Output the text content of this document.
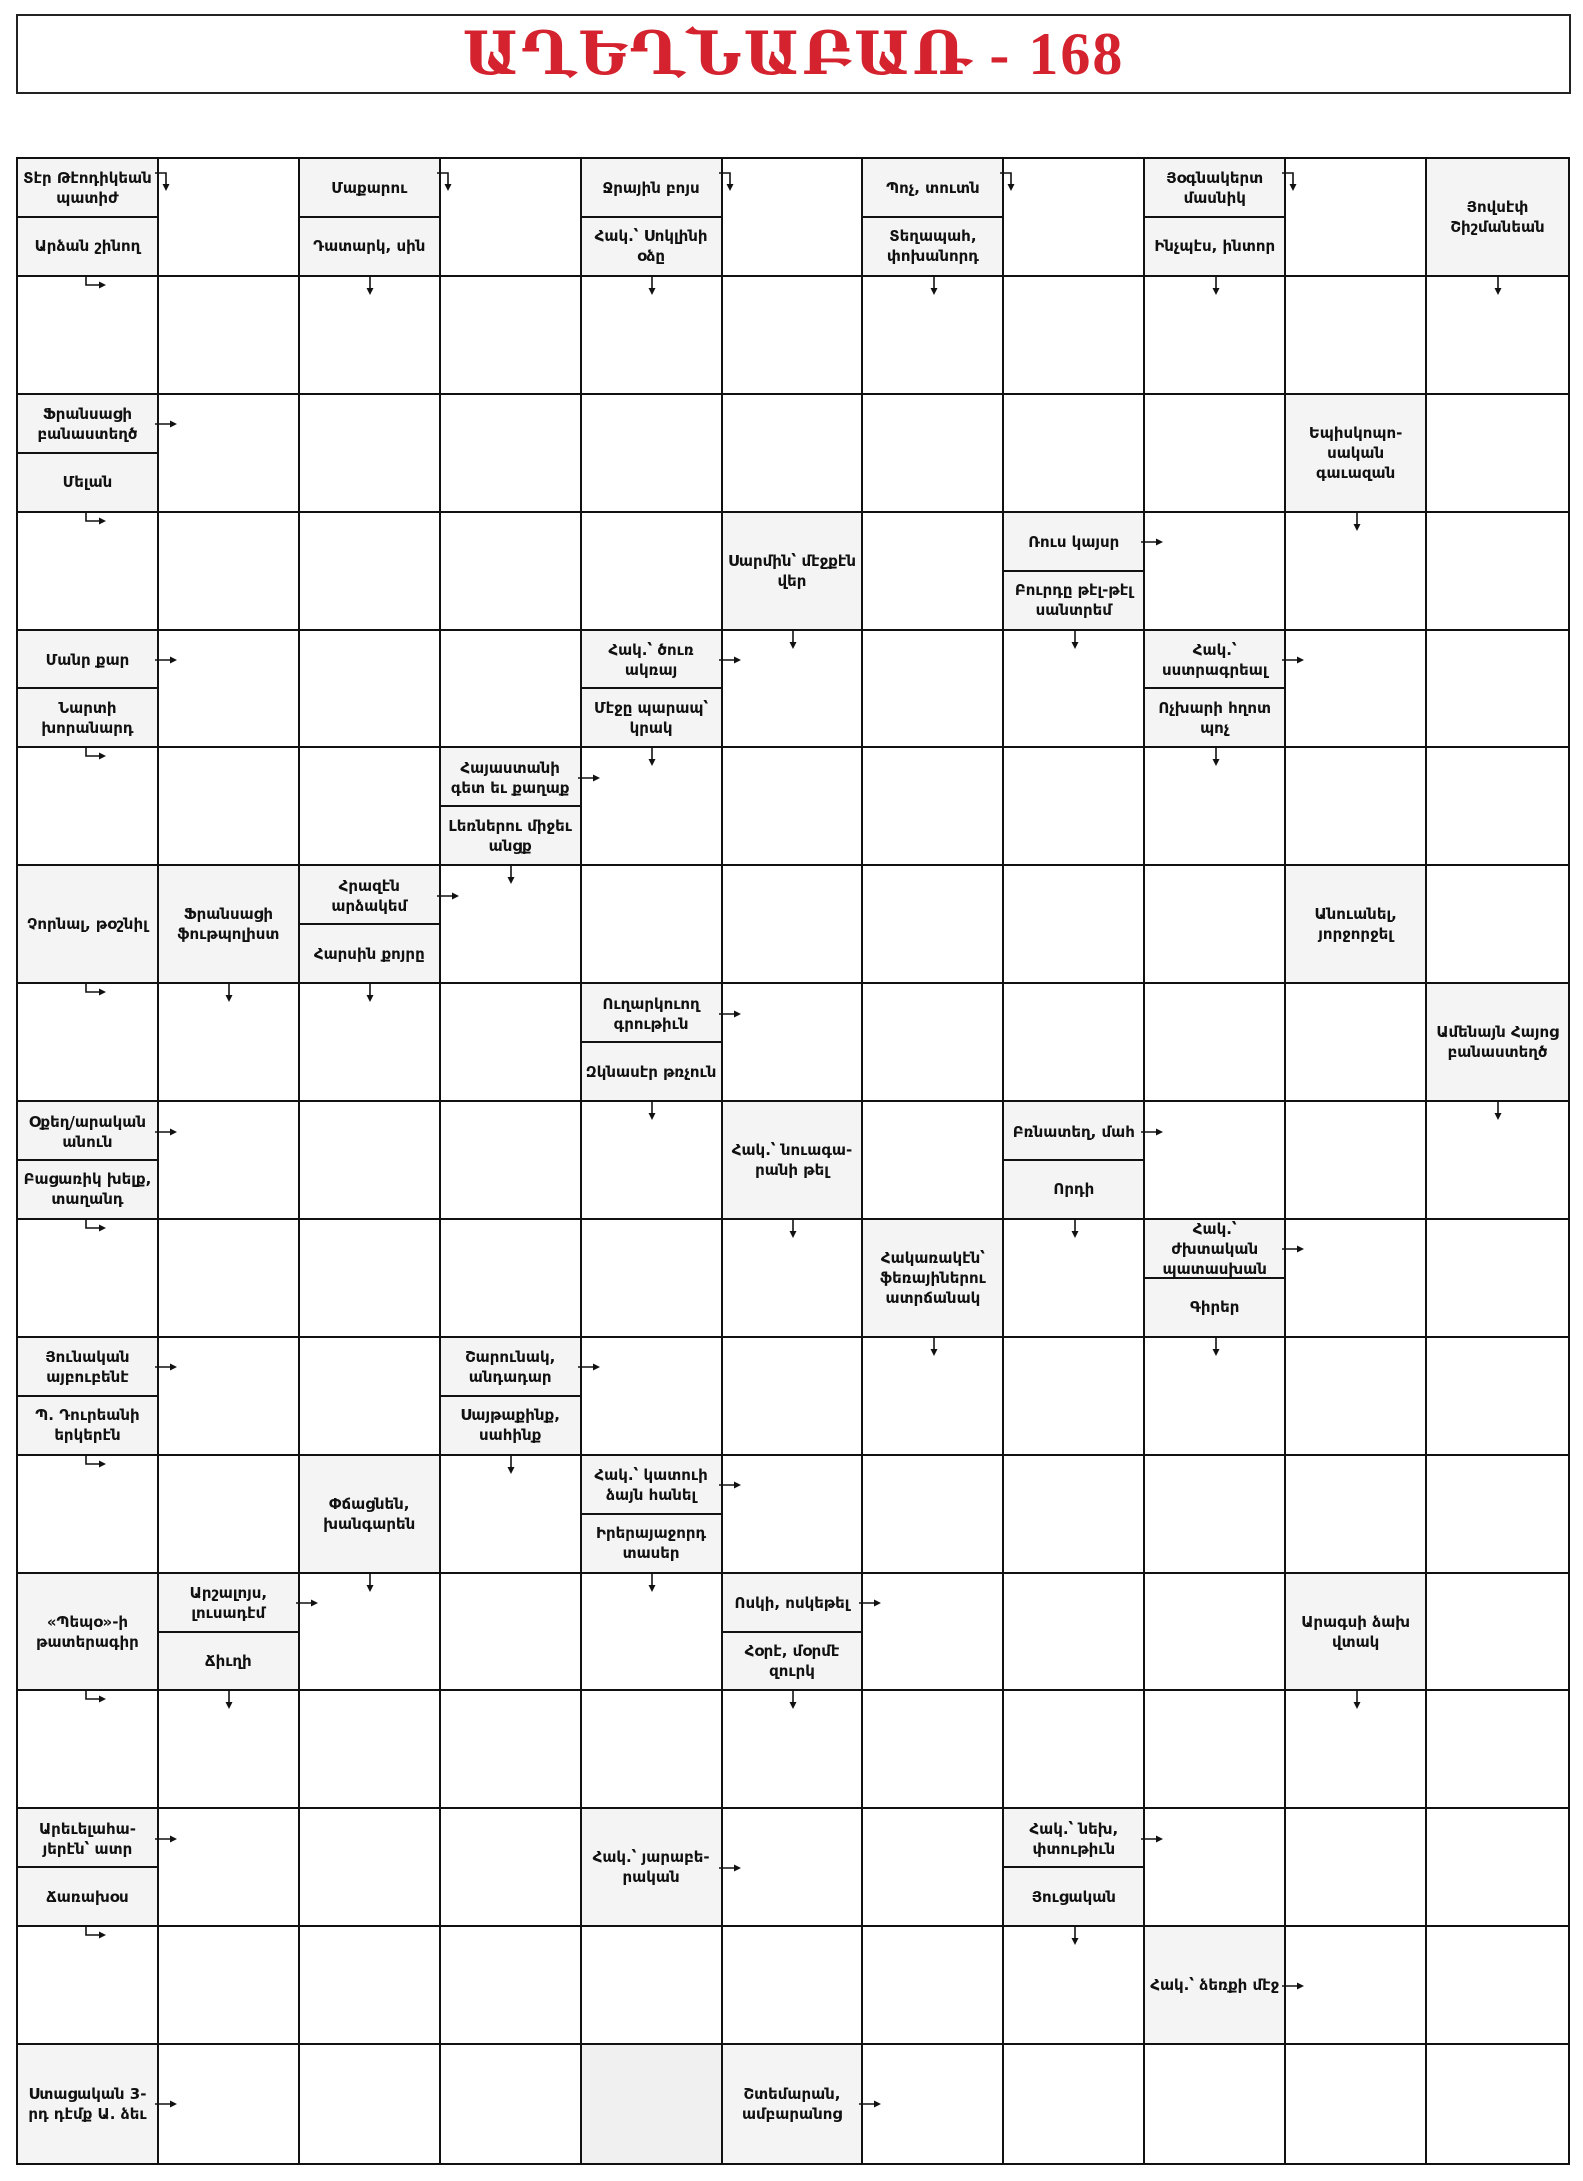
ԱՂԵՂՆԱԲԱՌ - 168
Տէր Թէոդիկեան պատիժ
Արձան շինող
Մաքարու
Դատարկ, սին
Ջրային բոյս
Հակ.՝ Սոկլինի օձը
Պոչ, տուտն
Տեղապահ, փոխանորդ
Յօգնակերտ մասնիկ
Ինչպէս, ինտոր
Յովսէփ Շիշմանեան
Ֆրանսացի բանաստեղծ
Մելան
Եպիսկոպո-սական գաւազան
Սարմին՝ մէջքէն վեր
Ռուս կայսր
Բուրդը թէլ-թէլ սանտրեմ
Մանր քար
Նարտի խորանարդ
Հակ.՝ ծուռ ակռայ
Մէջը պարապ՝ կրակ
Հակ.՝ սստրագրեալ
Ոչխարի հղոտ պոչ
Հայաստանի գետ եւ քաղաք
Լեռներու միջեւ անցք
Չորնալ, թօշնիլ
Ֆրանսացի ֆութպոլիստ
Հրազէն արձակեմ
Հարսին քոյրը
Անուանել, յորջորջել
Ուղարկուող գրութիւն
Զկնասէր թռչուն
Ամենայն Հայոց բանաստեղծ
Օքեղ/արական անուն
Բացառիկ խելք, տաղանդ
Հակ.՝ նուագա-րանի թել
Բռնատեղ, մահ
Որդի
Հակառակէն՝ ֆեռայիներու ատրճանակ
Հակ.՝ ժխտական պատասխան
Գիրեր
Յունական այբուբենէ
Պ. Դուրեանի երկերէն
Շարունակ, անդադար
Սայթաքինք, սահինք
Փճացնեն, խանգարեն
Հակ.՝ կատուի ձայն հանել
Իրերայաջորդ տասեր
«Պեպօ»-ի թատերագիր
Արշալոյս, լուսադէմ
Ճիւղի
Ոսկի, ոսկեթել
Հօրէ, մօրմէ զուրկ
Արագսի ձախ վտակ
Արեւելահա-յերէն՝ ատր
Ճառախօս
Հակ.՝ յարաբե-րական
Հակ.՝ նեխ, փտութիւն
Յուցական
Հակ.՝ ձեռքի մէջ
Ստացական 3-րդ դէմք Ա. ձեւ
Շտեմարան, ամբարանոց
